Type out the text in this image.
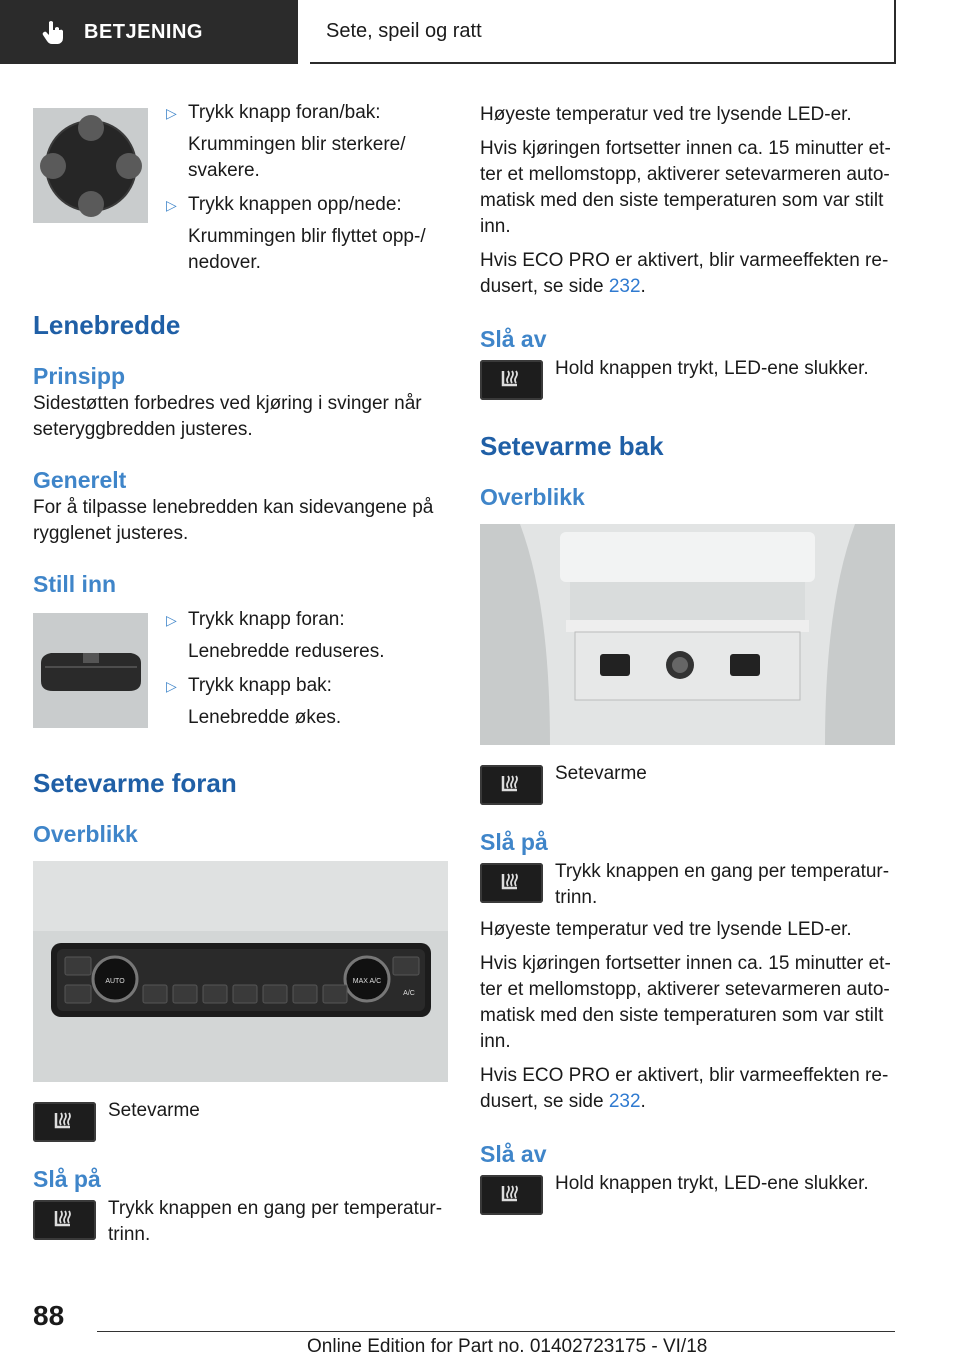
BETJENING	Sete, speil og ratt
▷ Trykk knapp foran/bak:

Krummingen blir sterkere/ svakere.

▷ Trykk knappen opp/nede:

Krummingen blir flyttet opp-/ nedover.

Lenebredde
Prinsipp

Sidestøtten forbedres ved kjøring i svinger når seteryggbredden justeres.

Generelt

For å tilpasse lenebredden kan sidevangene på rygglenet justeres.

Still inn
▷ Trykk knapp foran:

Lenebredde reduseres.

▷ Trykk knapp bak:

Lenebredde økes.

Setevarme foran
Overblikk
AUTO	MAX A/C
A/C

Setevarme

Slå på

Trykk knappen en gang per temperaturtrinn.

Høyeste temperatur ved tre lysende LED-er.

Hvis kjøringen fortsetter innen ca. 15 minutter etter et mellomstopp, aktiverer setevarmeren automatisk med den siste temperaturen som var stilt inn.

Hvis ECO PRO er aktivert, blir varmeeffekten redusert, se side 232.

Slå av

Hold knappen trykt, LED-ene slukker.

Setevarme bak
Overblikk

Setevarme

Slå på

Trykk knappen en gang per temperaturtrinn.

Høyeste temperatur ved tre lysende LED-er.

Hvis kjøringen fortsetter innen ca. 15 minutter etter et mellomstopp, aktiverer setevarmeren automatisk med den siste temperaturen som var stilt inn.

Hvis ECO PRO er aktivert, blir varmeeffekten redusert, se side 232.

Slå av

Hold knappen trykt, LED-ene slukker.

88
Online Edition for Part no. 01402723175 - VI/18
